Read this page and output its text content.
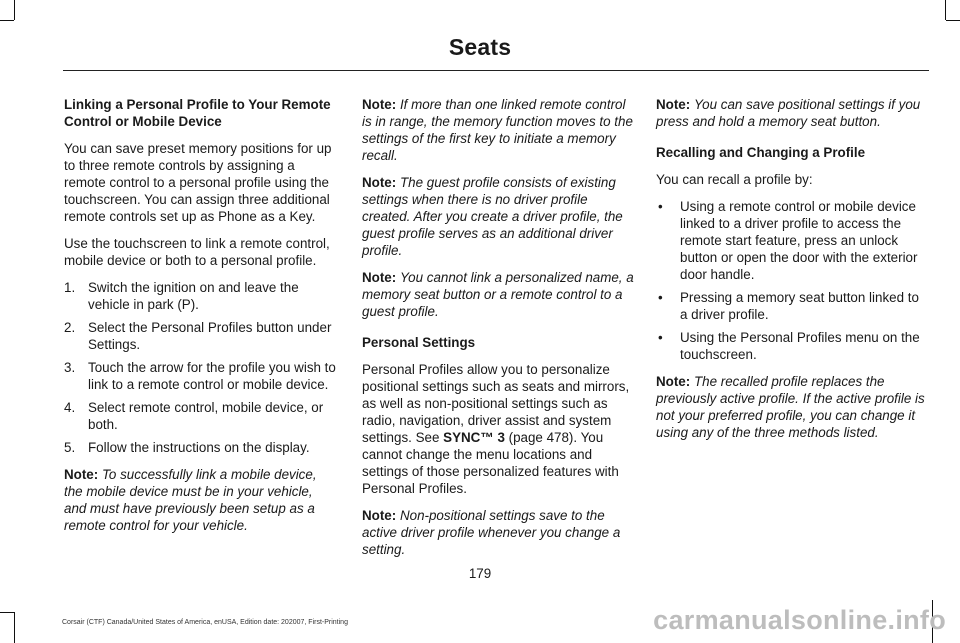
Seats

Linking a Personal Profile to Your Remote Control or Mobile Device

You can save preset memory positions for up to three remote controls by assigning a remote control to a personal profile using the touchscreen. You can assign three additional remote controls set up as Phone as a Key.

Use the touchscreen to link a remote control, mobile device or both to a personal profile.

1. Switch the ignition on and leave the vehicle in park (P).
2. Select the Personal Profiles button under Settings.
3. Touch the arrow for the profile you wish to link to a remote control or mobile device.
4. Select remote control, mobile device, or both.
5. Follow the instructions on the display.

Note: To successfully link a mobile device, the mobile device must be in your vehicle, and must have previously been setup as a remote control for your vehicle.

Note: If more than one linked remote control is in range, the memory function moves to the settings of the first key to initiate a memory recall.

Note: The guest profile consists of existing settings when there is no driver profile created. After you create a driver profile, the guest profile serves as an additional driver profile.

Note: You cannot link a personalized name, a memory seat button or a remote control to a guest profile.

Personal Settings

Personal Profiles allow you to personalize positional settings such as seats and mirrors, as well as non-positional settings such as radio, navigation, driver assist and system settings. See SYNC™ 3 (page 478). You cannot change the menu locations and settings of those personalized features with Personal Profiles.

Note: Non-positional settings save to the active driver profile whenever you change a setting.

Note: You can save positional settings if you press and hold a memory seat button.

Recalling and Changing a Profile

You can recall a profile by:

• Using a remote control or mobile device linked to a driver profile to access the remote start feature, press an unlock button or open the door with the exterior door handle.
• Pressing a memory seat button linked to a driver profile.
• Using the Personal Profiles menu on the touchscreen.

Note: The recalled profile replaces the previously active profile. If the active profile is not your preferred profile, you can change it using any of the three methods listed.

179
Corsair (CTF) Canada/United States of America, enUSA, Edition date: 202007, First-Printing	carmanualsonline.info
